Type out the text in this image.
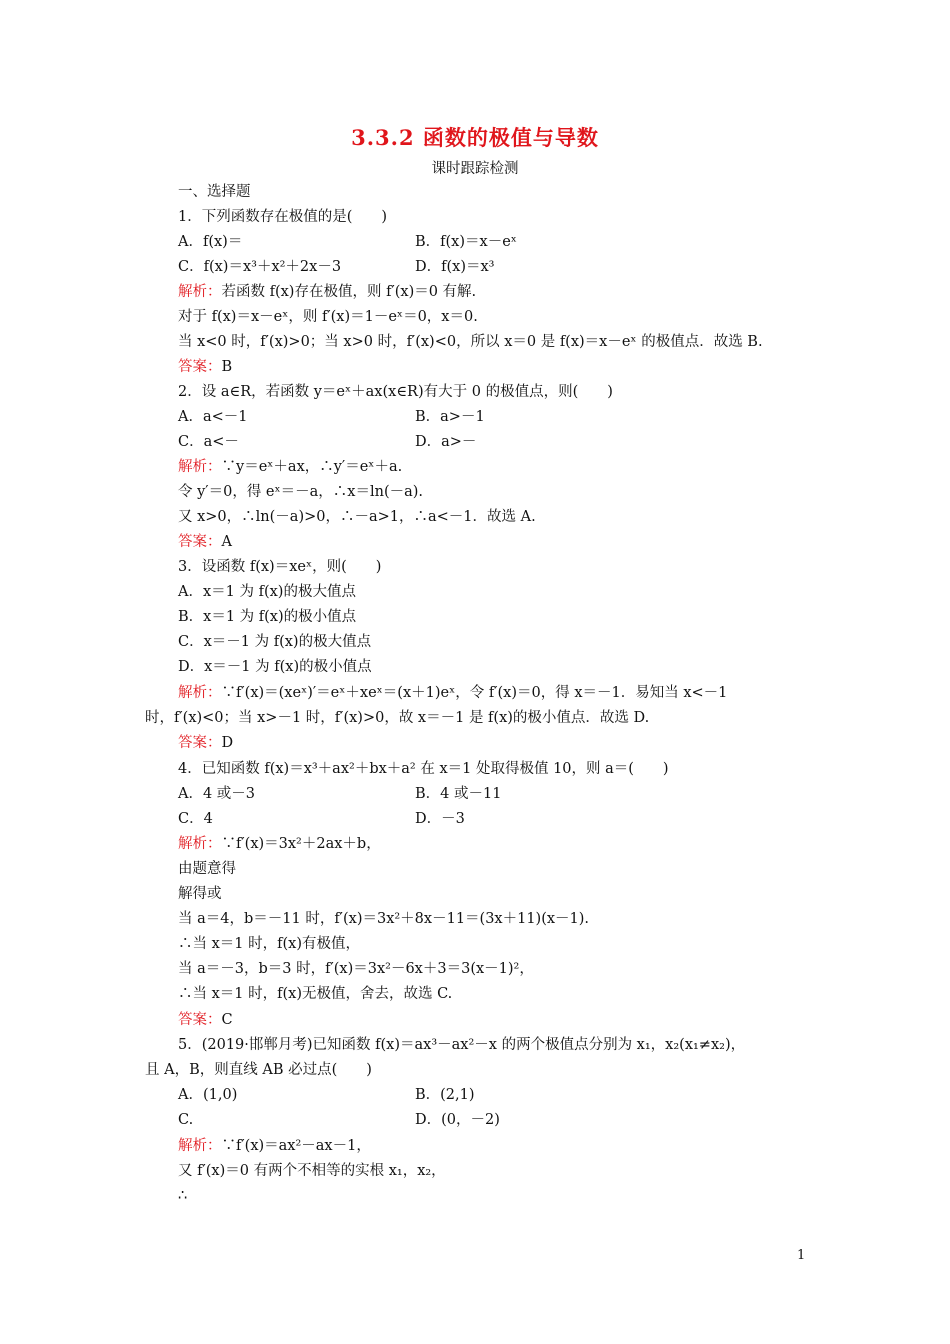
3.3.2 函数的极值与导数
课时跟踪检测
一、选择题
1．下列函数存在极值的是(　　)
A．f(x)＝	B．f(x)＝x－eˣ
C．f(x)＝x³＋x²＋2x－3	D．f(x)＝x³
解析：若函数 f(x)存在极值，则 f′(x)＝0 有解.
对于 f(x)＝x－eˣ，则 f′(x)＝1－eˣ＝0，x＝0.
当 x<0 时，f′(x)>0；当 x>0 时，f′(x)<0，所以 x＝0 是 f(x)＝x－eˣ 的极值点．故选 B.
答案：B
2．设 a∈R，若函数 y＝eˣ＋ax(x∈R)有大于 0 的极值点，则(　　)
A．a<－1	B．a>－1
C．a<－	D．a>－
解析：∵y＝eˣ＋ax，∴y′＝eˣ＋a.
令 y′＝0，得 eˣ＝－a，∴x＝ln(－a).
又 x>0，∴ln(－a)>0，∴－a>1，∴a<－1．故选 A.
答案：A
3．设函数 f(x)＝xeˣ，则(　　)
A．x＝1 为 f(x)的极大值点
B．x＝1 为 f(x)的极小值点
C．x＝－1 为 f(x)的极大值点
D．x＝－1 为 f(x)的极小值点
解析：∵f′(x)＝(xeˣ)′＝eˣ＋xeˣ＝(x＋1)eˣ，令 f′(x)＝0，得 x＝－1．易知当 x<－1
时，f′(x)<0；当 x>－1 时，f′(x)>0，故 x＝－1 是 f(x)的极小值点．故选 D.
答案：D
4．已知函数 f(x)＝x³＋ax²＋bx＋a² 在 x＝1 处取得极值 10，则 a＝(　　)
A．4 或－3	B．4 或－11
C．4	D．－3
解析：∵f′(x)＝3x²＋2ax＋b，
由题意得
解得或
当 a＝4，b＝－11 时，f′(x)＝3x²＋8x－11＝(3x＋11)(x－1).
∴当 x＝1 时，f(x)有极值，
当 a＝－3，b＝3 时，f′(x)＝3x²－6x＋3＝3(x－1)²，
∴当 x＝1 时，f(x)无极值，舍去，故选 C.
答案：C
5．(2019·邯郸月考)已知函数 f(x)＝ax³－ax²－x 的两个极值点分别为 x₁，x₂(x₁≠x₂)，
且 A，B，则直线 AB 必过点(　　)
A．(1,0)	B．(2,1)
C.	D．(0，－2)
解析：∵f′(x)＝ax²－ax－1，
又 f′(x)＝0 有两个不相等的实根 x₁，x₂，
∴
1
